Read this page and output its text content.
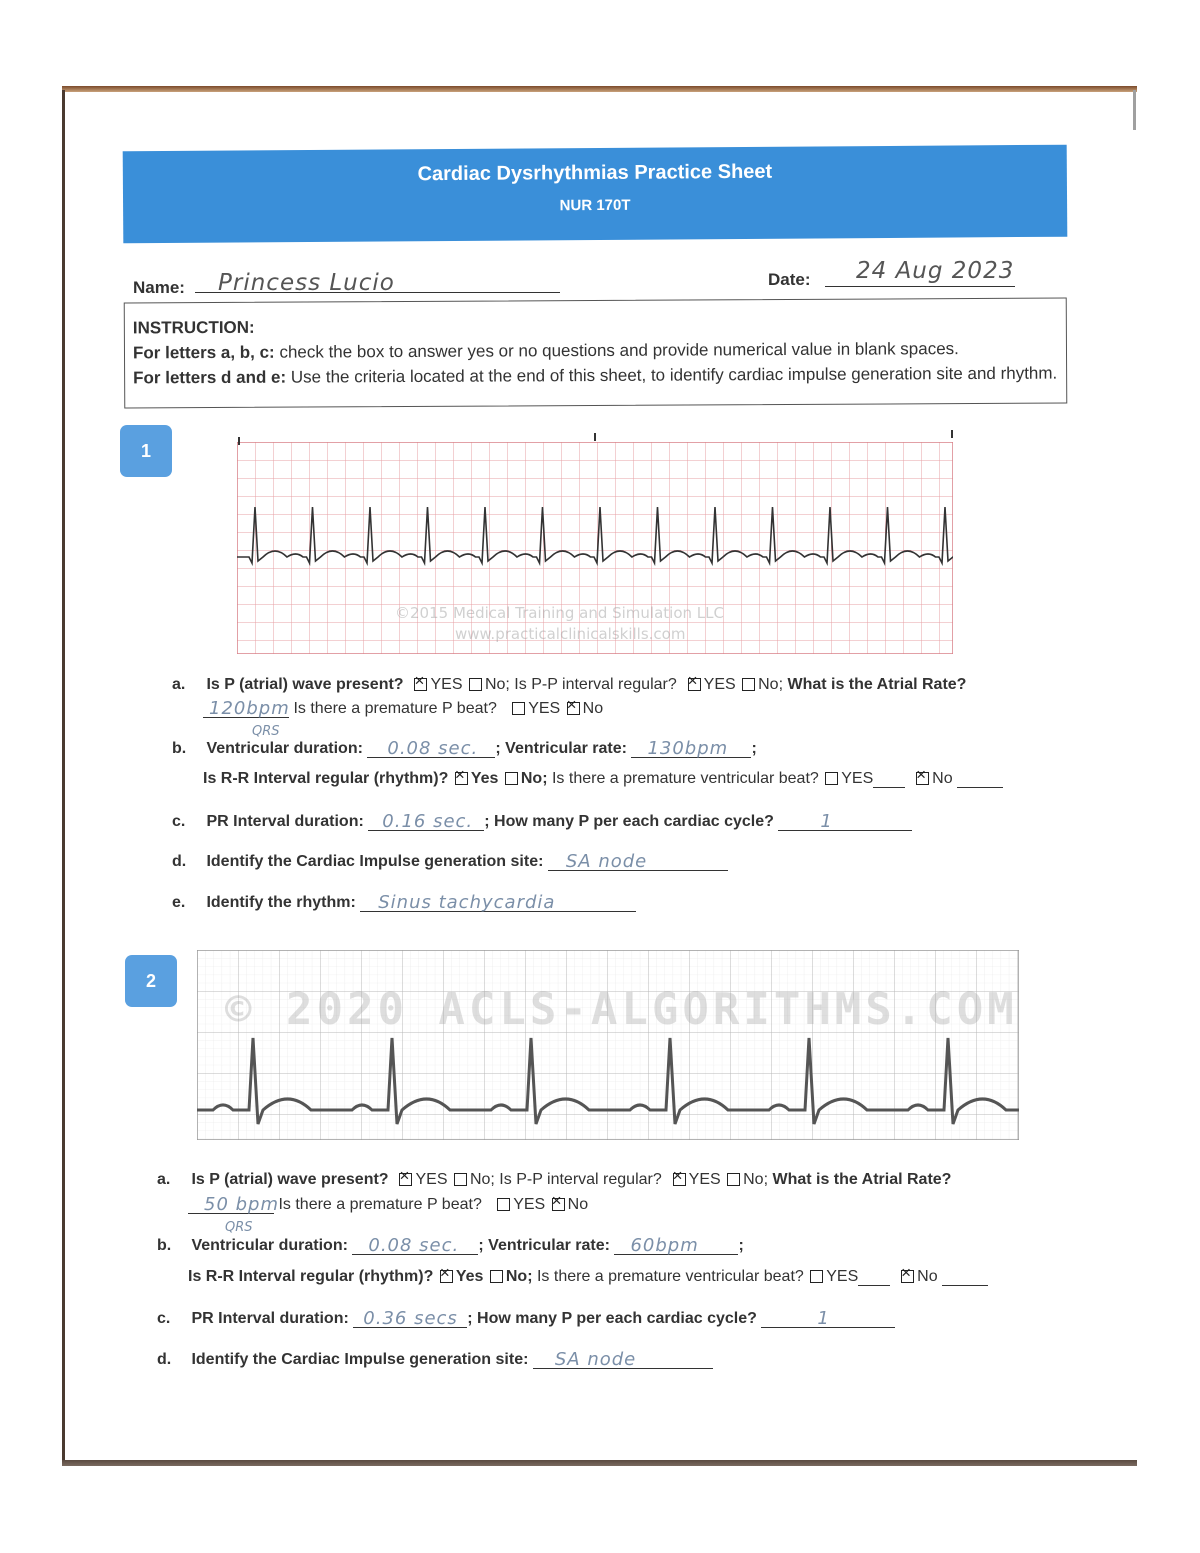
Cardiac Dysrhythmias Practice Sheet
NUR 170T
Name: Princess Lucio	Date: 24 Aug 2023
INSTRUCTION:
For letters a, b, c: check the box to answer yes or no questions and provide numerical value in blank spaces.
For letters d and e: Use the criteria located at the end of this sheet, to identify cardiac impulse generation site and rhythm.
1
©2015 Medical Training and Simulation LLC
www.practicalclinicalskills.com
a. Is P (atrial) wave present? × YES No; Is P-P interval regular? × YES No; What is the Atrial Rate?
120bpm Is there a premature P beat? YES × No
QRS
b. Ventricular duration: 0.08 sec. ; Ventricular rate: 130bpm ;
Is R-R Interval regular (rhythm)? × Yes No; Is there a premature ventricular beat? YES ×	No
c. PR Interval duration: 0.16 sec. ; How many P per each cardiac cycle?	1
d. Identify the Cardiac Impulse generation site: SA node
e. Identify the rhythm: Sinus tachycardia
2
© 2020 ACLS-ALGORITHMS.COM
a. Is P (atrial) wave present? × YES No; Is P-P interval regular? × YES No; What is the Atrial Rate?
50 bpm Is there a premature P beat? YES × No
QRS
b. Ventricular duration: 0.08 sec. ; Ventricular rate: 60bpm ;
Is R-R Interval regular (rhythm)? × Yes No; Is there a premature ventricular beat? YES ×	No
c. PR Interval duration: 0.36 secs ; How many P per each cardiac cycle?	1
d. Identify the Cardiac Impulse generation site: SA node
